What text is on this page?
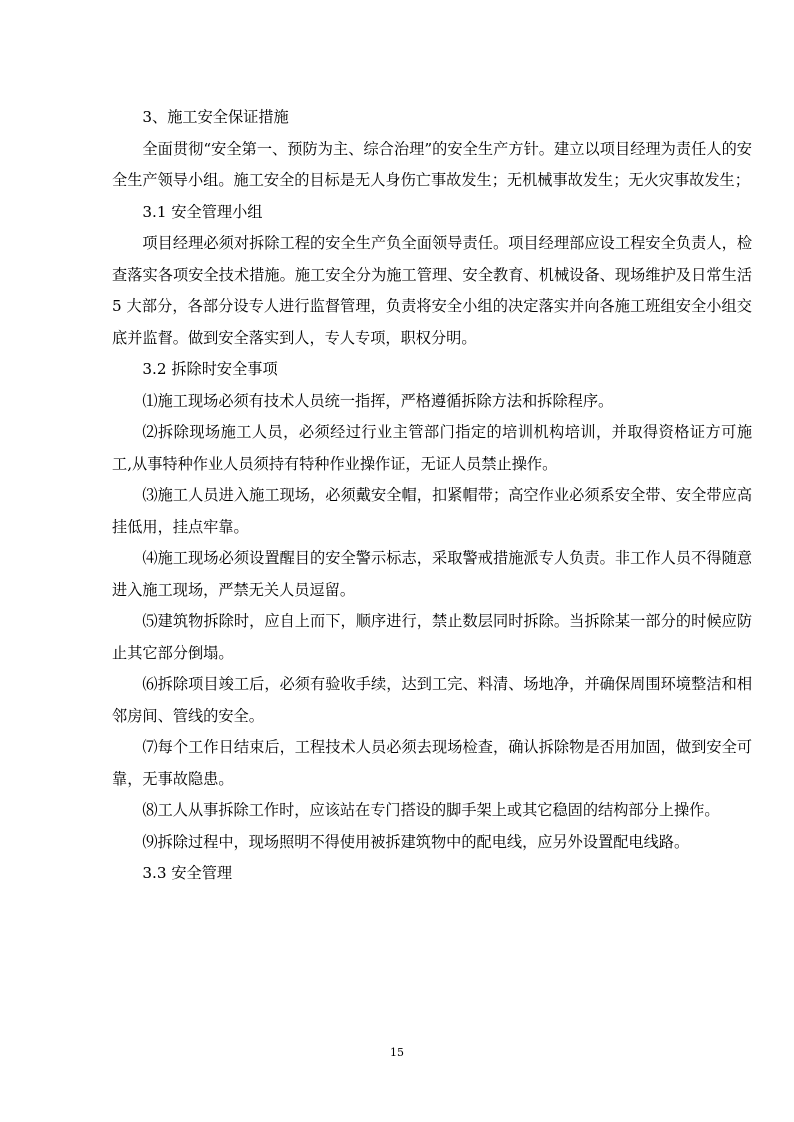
3、施工安全保证措施

全面贯彻“安全第一、预防为主、综合治理”的安全生产方针。建立以项目经理为责任人的安全生产领导小组。施工安全的目标是无人身伤亡事故发生；无机械事故发生；无火灾事故发生；

3.1 安全管理小组

项目经理必须对拆除工程的安全生产负全面领导责任。项目经理部应设工程安全负责人，检查落实各项安全技术措施。施工安全分为施工管理、安全教育、机械设备、现场维护及日常生活 5 大部分，各部分设专人进行监督管理，负责将安全小组的决定落实并向各施工班组安全小组交底并监督。做到安全落实到人，专人专项，职权分明。

3.2 拆除时安全事项

⑴施工现场必须有技术人员统一指挥，严格遵循拆除方法和拆除程序。

⑵拆除现场施工人员，必须经过行业主管部门指定的培训机构培训，并取得资格证方可施工,从事特种作业人员须持有特种作业操作证，无证人员禁止操作。

⑶施工人员进入施工现场，必须戴安全帽，扣紧帽带；高空作业必须系安全带、安全带应高挂低用，挂点牢靠。

⑷施工现场必须设置醒目的安全警示标志，采取警戒措施派专人负责。非工作人员不得随意进入施工现场，严禁无关人员逗留。

⑸建筑物拆除时，应自上而下，顺序进行，禁止数层同时拆除。当拆除某一部分的时候应防止其它部分倒塌。

⑹拆除项目竣工后，必须有验收手续，达到工完、料清、场地净，并确保周围环境整洁和相邻房间、管线的安全。

⑺每个工作日结束后，工程技术人员必须去现场检查，确认拆除物是否用加固，做到安全可靠，无事故隐患。

⑻工人从事拆除工作时，应该站在专门搭设的脚手架上或其它稳固的结构部分上操作。

⑼拆除过程中，现场照明不得使用被拆建筑物中的配电线，应另外设置配电线路。

3.3 安全管理

15
